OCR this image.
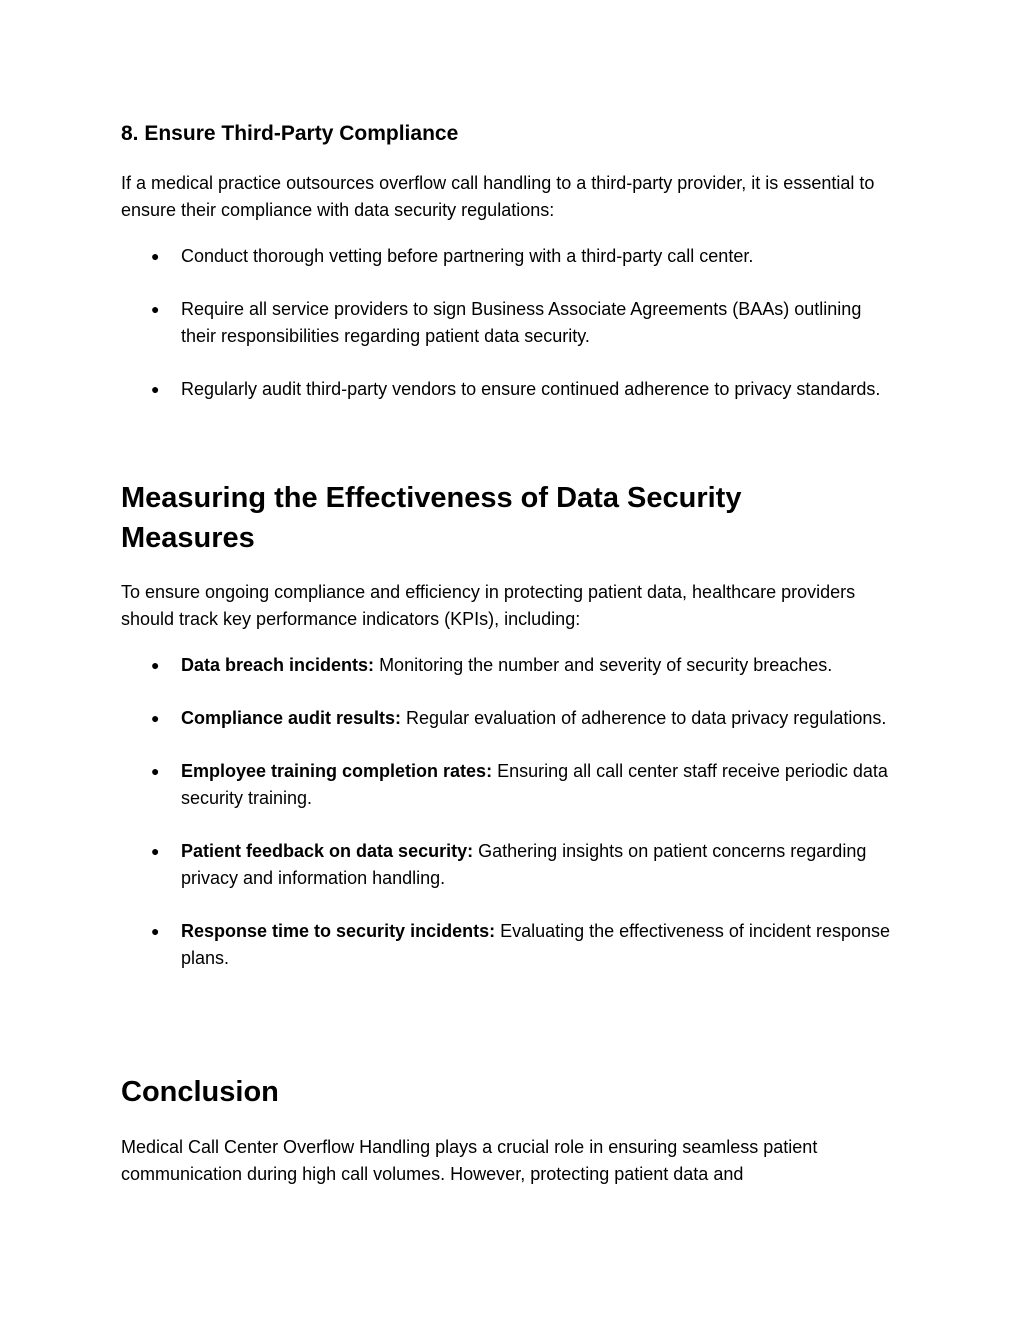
8. Ensure Third-Party Compliance

If a medical practice outsources overflow call handling to a third-party provider, it is essential to ensure their compliance with data security regulations:

● Conduct thorough vetting before partnering with a third-party call center.
● Require all service providers to sign Business Associate Agreements (BAAs) outlining their responsibilities regarding patient data security.
● Regularly audit third-party vendors to ensure continued adherence to privacy standards.
Measuring the Effectiveness of Data Security Measures

To ensure ongoing compliance and efficiency in protecting patient data, healthcare providers should track key performance indicators (KPIs), including:

● Data breach incidents: Monitoring the number and severity of security breaches.
● Compliance audit results: Regular evaluation of adherence to data privacy regulations.
● Employee training completion rates: Ensuring all call center staff receive periodic data security training.
● Patient feedback on data security: Gathering insights on patient concerns regarding privacy and information handling.
● Response time to security incidents: Evaluating the effectiveness of incident response plans.
Conclusion

Medical Call Center Overflow Handling plays a crucial role in ensuring seamless patient communication during high call volumes. However, protecting patient data and
